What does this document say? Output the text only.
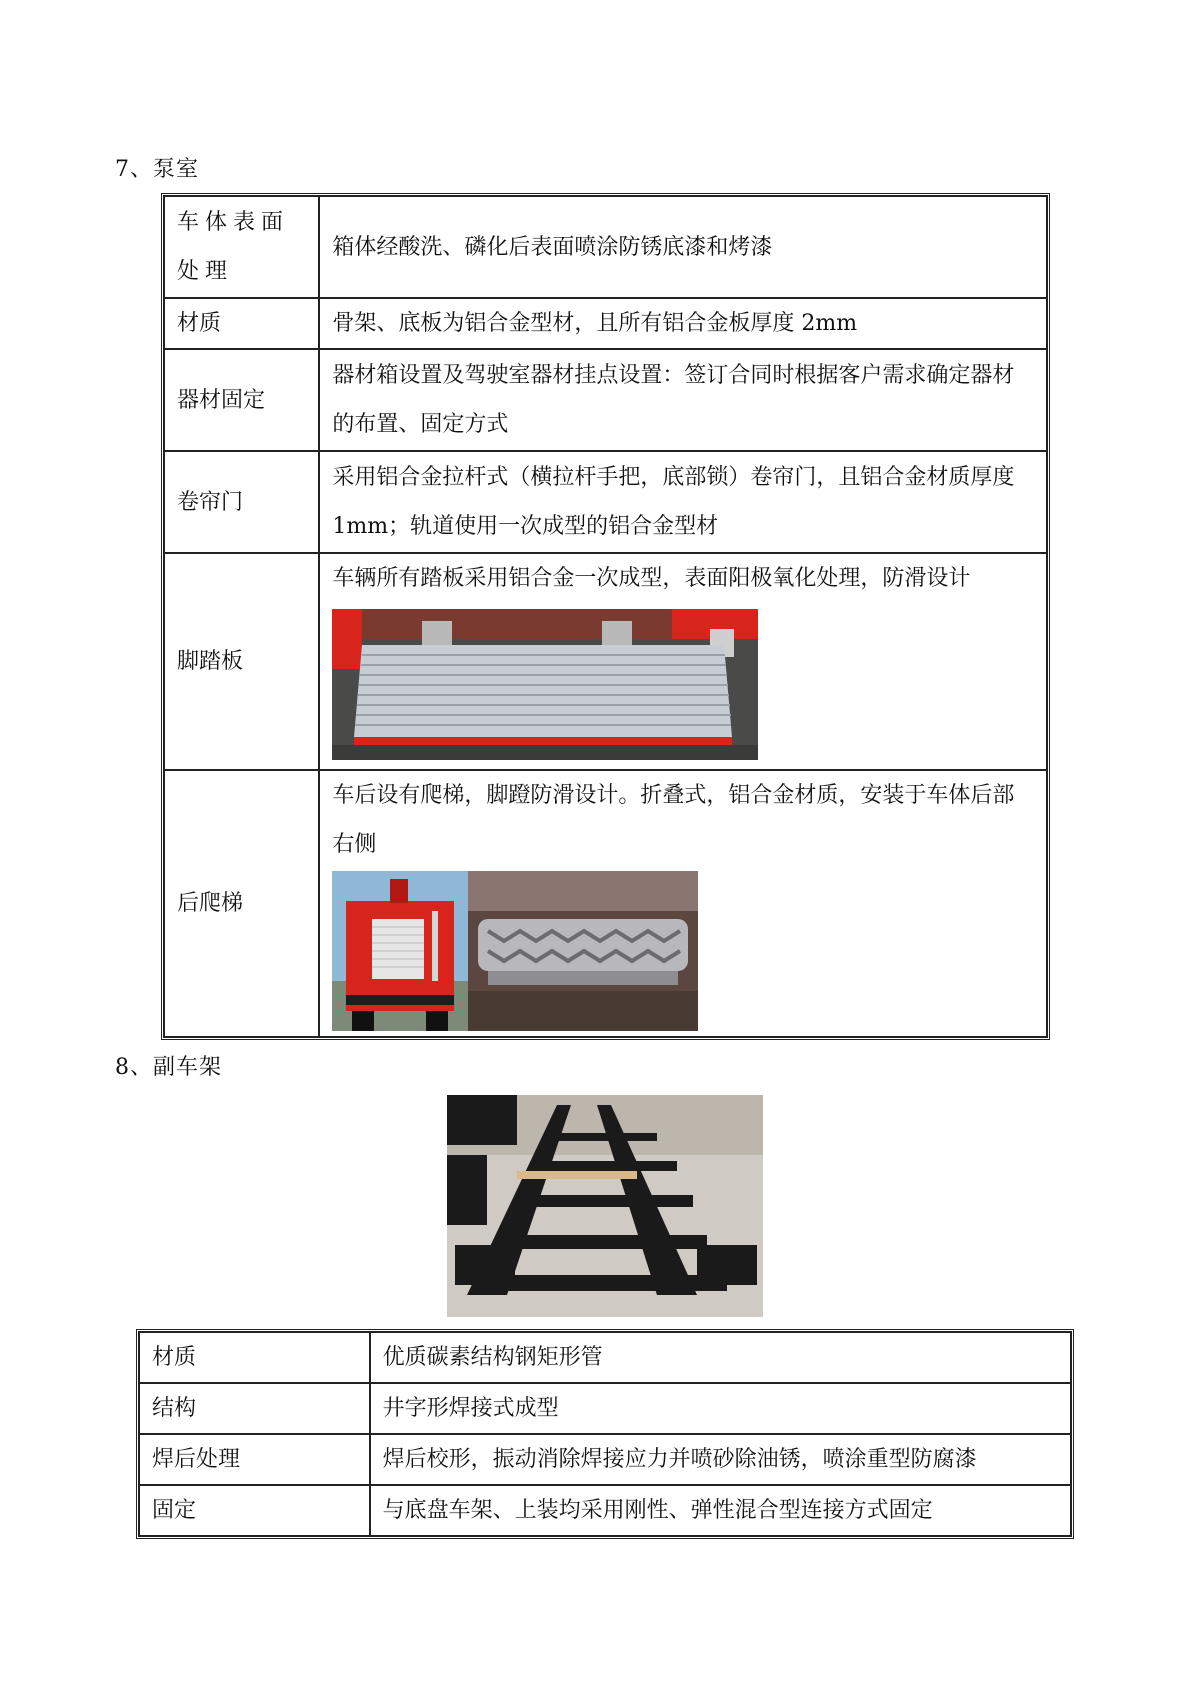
7、泵室
车体表面处理	箱体经酸洗、磷化后表面喷涂防锈底漆和烤漆
材质	骨架、底板为铝合金型材，且所有铝合金板厚度 2mm
器材固定	器材箱设置及驾驶室器材挂点设置：签订合同时根据客户需求确定器材的布置、固定方式
卷帘门	采用铝合金拉杆式（横拉杆手把，底部锁）卷帘门，且铝合金材质厚度 1mm；轨道使用一次成型的铝合金型材
脚踏板	车辆所有踏板采用铝合金一次成型，表面阳极氧化处理，防滑设计

后爬梯	车后设有爬梯，脚蹬防滑设计。折叠式，铝合金材质，安装于车体后部右侧
8、副车架
材质	优质碳素结构钢矩形管
结构	井字形焊接式成型
焊后处理	焊后校形，振动消除焊接应力并喷砂除油锈，喷涂重型防腐漆
固定	与底盘车架、上装均采用刚性、弹性混合型连接方式固定
